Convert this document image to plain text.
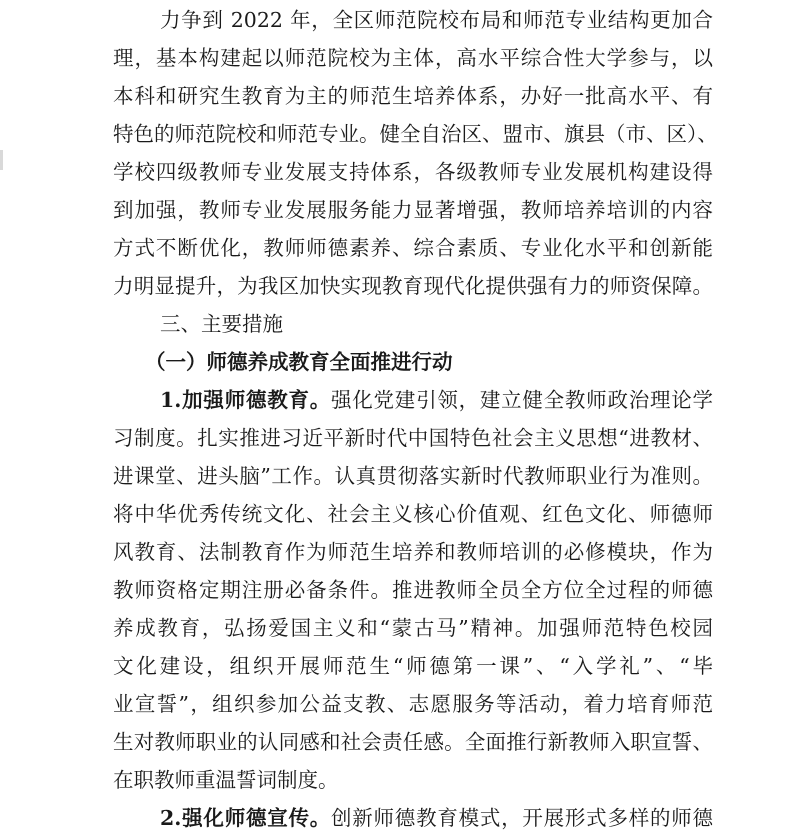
力争到 2022 年，全区师范院校布局和师范专业结构更加合
理，基本构建起以师范院校为主体，高水平综合性大学参与，以
本科和研究生教育为主的师范生培养体系，办好一批高水平、有
特色的师范院校和师范专业。健全自治区、盟市、旗县（市、区）、
学校四级教师专业发展支持体系，各级教师专业发展机构建设得
到加强，教师专业发展服务能力显著增强，教师培养培训的内容
方式不断优化，教师师德素养、综合素质、专业化水平和创新能
力明显提升，为我区加快实现教育现代化提供强有力的师资保障。
三、主要措施
（一）师德养成教育全面推进行动
1.加强师德教育。强化党建引领，建立健全教师政治理论学
习制度。扎实推进习近平新时代中国特色社会主义思想“进教材、
进课堂、进头脑”工作。认真贯彻落实新时代教师职业行为准则。
将中华优秀传统文化、社会主义核心价值观、红色文化、师德师
风教育、法制教育作为师范生培养和教师培训的必修模块，作为
教师资格定期注册必备条件。推进教师全员全方位全过程的师德
养成教育，弘扬爱国主义和“蒙古马”精神。加强师范特色校园
文化建设，组织开展师范生“师德第一课”、“入学礼”、“毕
业宣誓”，组织参加公益支教、志愿服务等活动，着力培育师范
生对教师职业的认同感和社会责任感。全面推行新教师入职宣誓、
在职教师重温誓词制度。
2.强化师德宣传。创新师德教育模式，开展形式多样的师德
